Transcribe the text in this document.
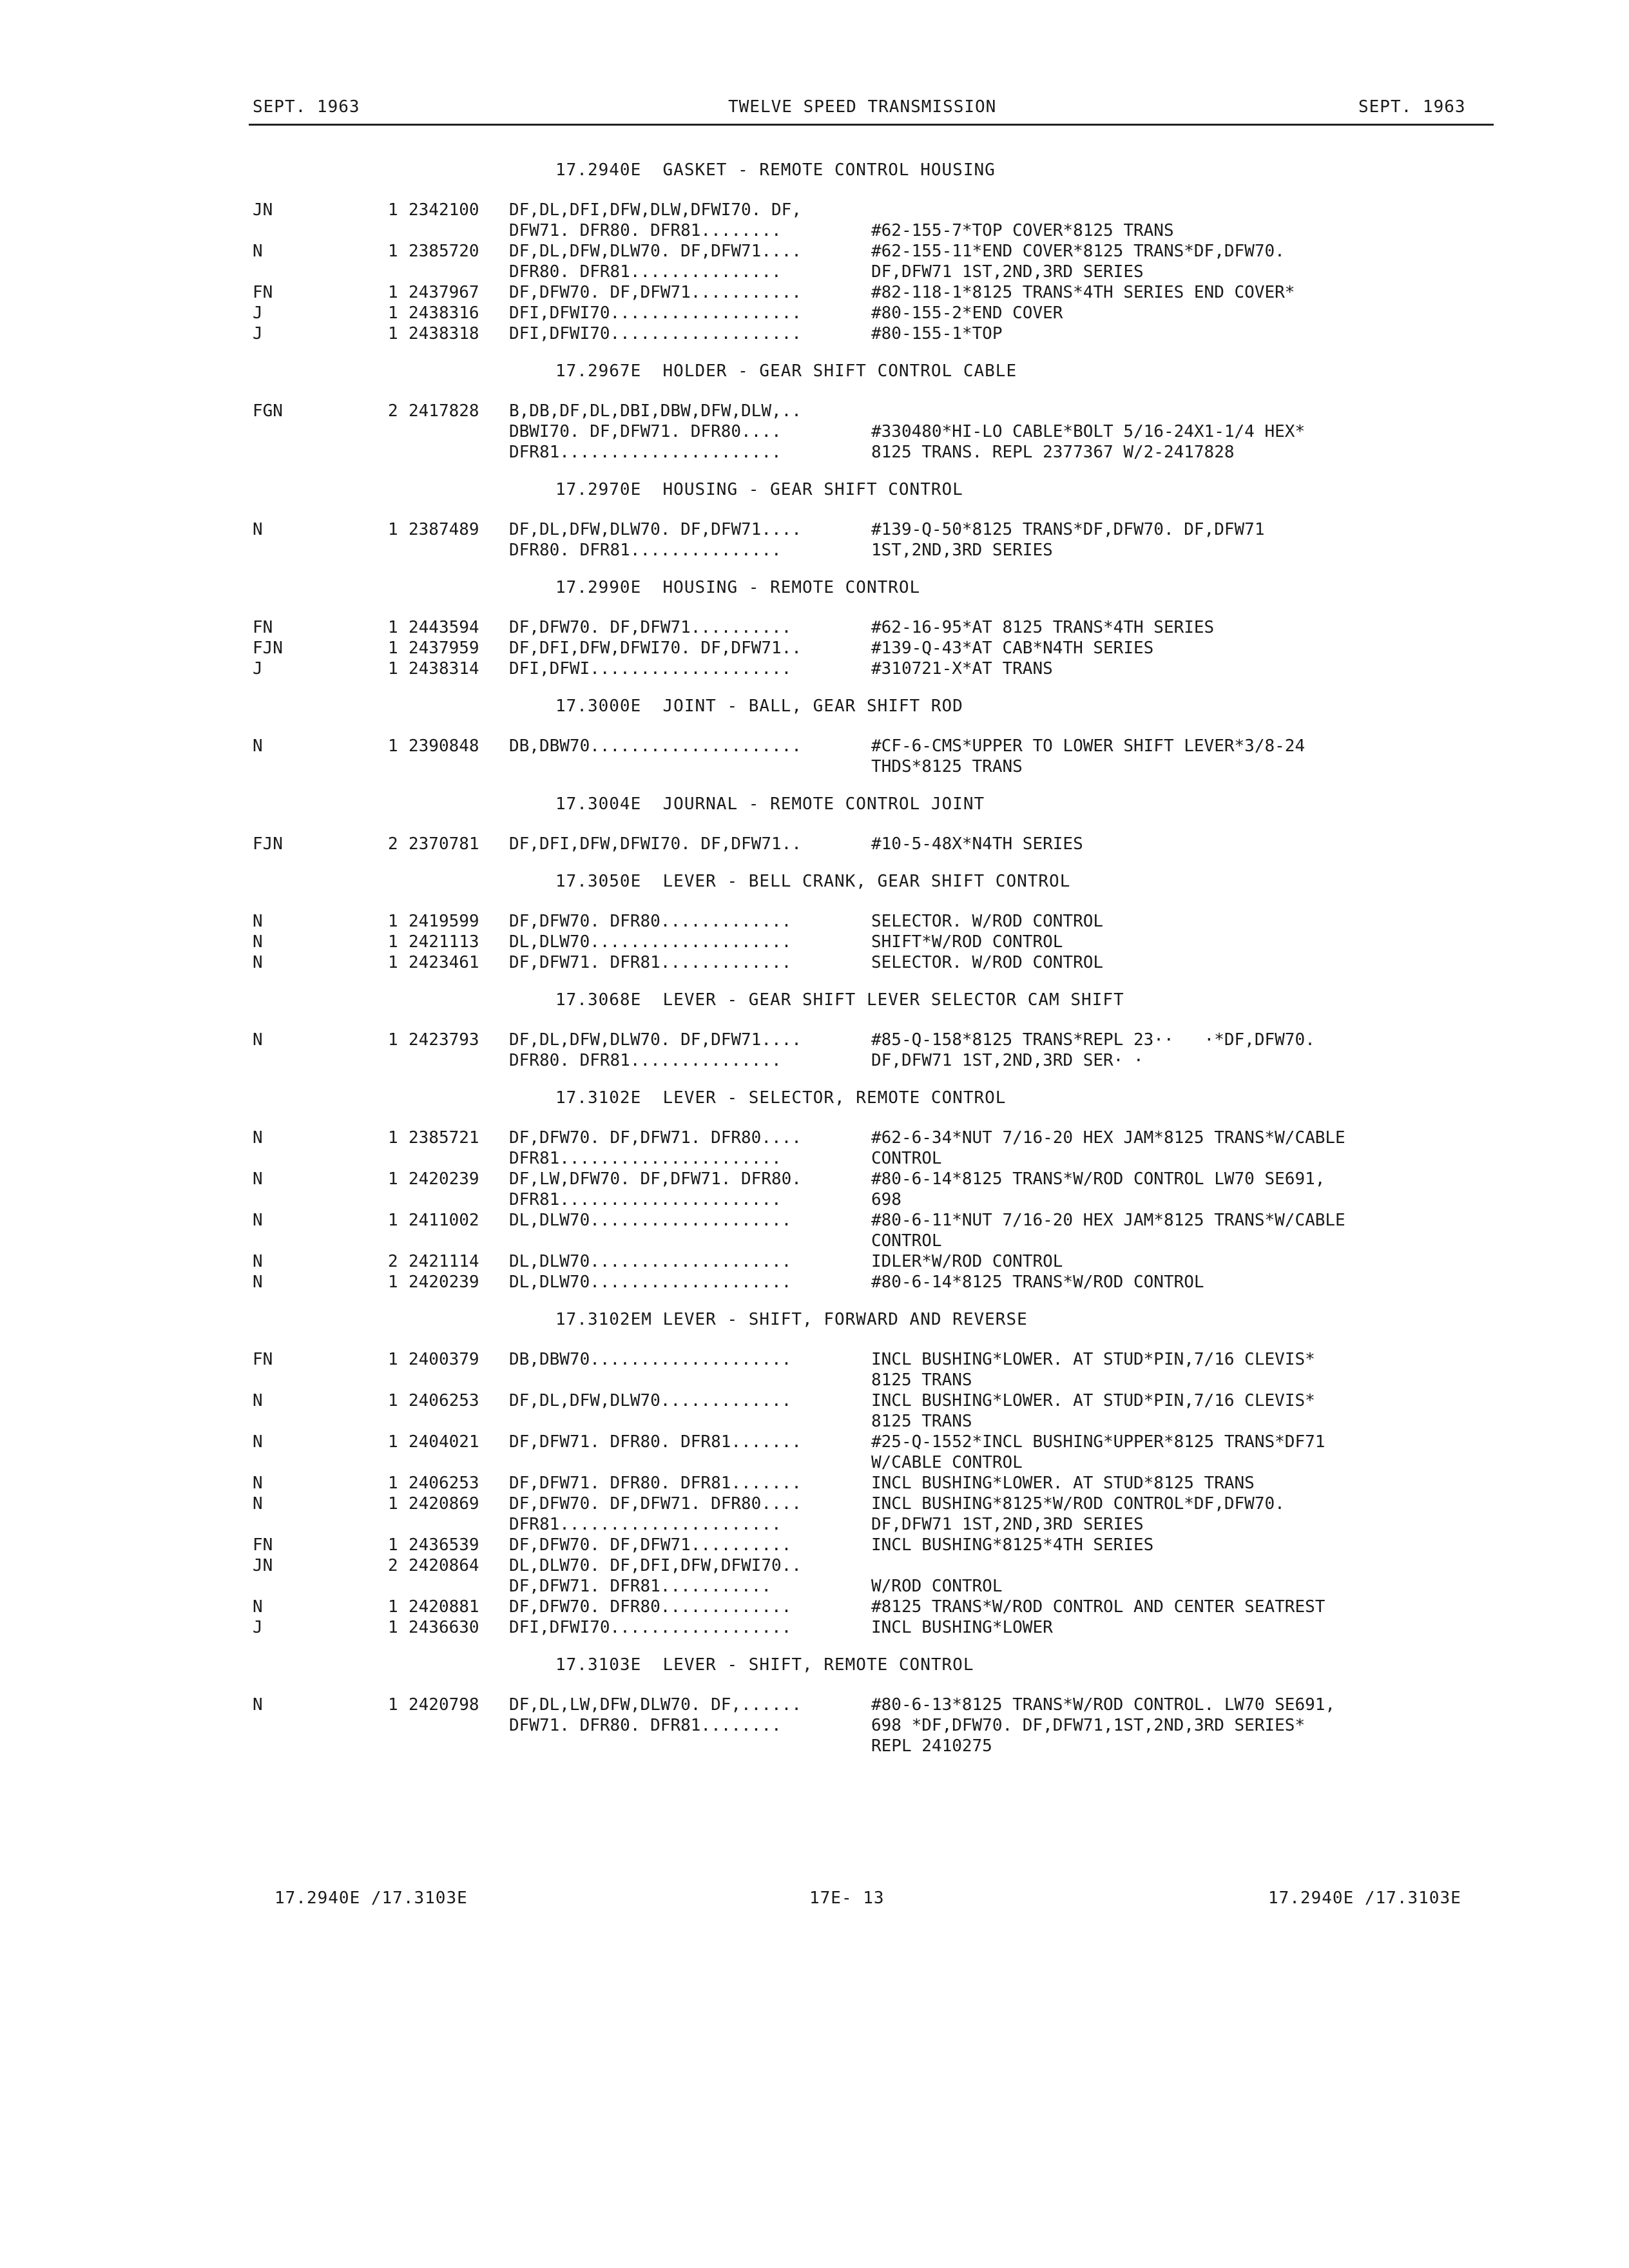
SEPT. 1963	TWELVE SPEED TRANSMISSION	SEPT. 1963
17.2940E  GASKET - REMOTE CONTROL HOUSING
JN	1 2342100	DF,DL,DFI,DFW,DLW,DFWI70. DF,
DFW71. DFR80. DFR81........	#62-155-7*TOP COVER*8125 TRANS
N	1 2385720	DF,DL,DFW,DLW70. DF,DFW71....	#62-155-11*END COVER*8125 TRANS*DF,DFW70.
DFR80. DFR81...............	DF,DFW71 1ST,2ND,3RD SERIES
FN	1 2437967	DF,DFW70. DF,DFW71...........	#82-118-1*8125 TRANS*4TH SERIES END COVER*
J	1 2438316	DFI,DFWI70...................	#80-155-2*END COVER
J	1 2438318	DFI,DFWI70...................	#80-155-1*TOP
17.2967E  HOLDER - GEAR SHIFT CONTROL CABLE
FGN	2 2417828	B,DB,DF,DL,DBI,DBW,DFW,DLW,..
DBWI70. DF,DFW71. DFR80....	#330480*HI-LO CABLE*BOLT 5/16-24X1-1/4 HEX*
DFR81......................	8125 TRANS. REPL 2377367 W/2-2417828
17.2970E  HOUSING - GEAR SHIFT CONTROL
N	1 2387489	DF,DL,DFW,DLW70. DF,DFW71....	#139-Q-50*8125 TRANS*DF,DFW70. DF,DFW71
DFR80. DFR81...............	1ST,2ND,3RD SERIES
17.2990E  HOUSING - REMOTE CONTROL
FN	1 2443594	DF,DFW70. DF,DFW71..........	#62-16-95*AT 8125 TRANS*4TH SERIES
FJN	1 2437959	DF,DFI,DFW,DFWI70. DF,DFW71..	#139-Q-43*AT CAB*N4TH SERIES
J	1 2438314	DFI,DFWI....................	#310721-X*AT TRANS
17.3000E  JOINT - BALL, GEAR SHIFT ROD
N	1 2390848	DB,DBW70.....................	#CF-6-CMS*UPPER TO LOWER SHIFT LEVER*3/8-24
THDS*8125 TRANS
17.3004E  JOURNAL - REMOTE CONTROL JOINT
FJN	2 2370781	DF,DFI,DFW,DFWI70. DF,DFW71..	#10-5-48X*N4TH SERIES
17.3050E  LEVER - BELL CRANK, GEAR SHIFT CONTROL
N	1 2419599	DF,DFW70. DFR80.............	SELECTOR. W/ROD CONTROL
N	1 2421113	DL,DLW70....................	SHIFT*W/ROD CONTROL
N	1 2423461	DF,DFW71. DFR81.............	SELECTOR. W/ROD CONTROL
17.3068E  LEVER - GEAR SHIFT LEVER SELECTOR CAM SHIFT
N	1 2423793	DF,DL,DFW,DLW70. DF,DFW71....	#85-Q-158*8125 TRANS*REPL 23··   ·*DF,DFW70.
DFR80. DFR81...............	DF,DFW71 1ST,2ND,3RD SER· ·
17.3102E  LEVER - SELECTOR, REMOTE CONTROL
N	1 2385721	DF,DFW70. DF,DFW71. DFR80....	#62-6-34*NUT 7/16-20 HEX JAM*8125 TRANS*W/CABLE
DFR81......................	CONTROL
N	1 2420239	DF,LW,DFW70. DF,DFW71. DFR80.	#80-6-14*8125 TRANS*W/ROD CONTROL LW70 SE691,
DFR81......................	698
N	1 2411002	DL,DLW70....................	#80-6-11*NUT 7/16-20 HEX JAM*8125 TRANS*W/CABLE
CONTROL
N	2 2421114	DL,DLW70....................	IDLER*W/ROD CONTROL
N	1 2420239	DL,DLW70....................	#80-6-14*8125 TRANS*W/ROD CONTROL
17.3102EM LEVER - SHIFT, FORWARD AND REVERSE
FN	1 2400379	DB,DBW70....................	INCL BUSHING*LOWER. AT STUD*PIN,7/16 CLEVIS*
8125 TRANS
N	1 2406253	DF,DL,DFW,DLW70.............	INCL BUSHING*LOWER. AT STUD*PIN,7/16 CLEVIS*
8125 TRANS
N	1 2404021	DF,DFW71. DFR80. DFR81.......	#25-Q-1552*INCL BUSHING*UPPER*8125 TRANS*DF71
W/CABLE CONTROL
N	1 2406253	DF,DFW71. DFR80. DFR81.......	INCL BUSHING*LOWER. AT STUD*8125 TRANS
N	1 2420869	DF,DFW70. DF,DFW71. DFR80....	INCL BUSHING*8125*W/ROD CONTROL*DF,DFW70.
DFR81......................	DF,DFW71 1ST,2ND,3RD SERIES
FN	1 2436539	DF,DFW70. DF,DFW71..........	INCL BUSHING*8125*4TH SERIES
JN	2 2420864	DL,DLW70. DF,DFI,DFW,DFWI70..
DF,DFW71. DFR81...........	W/ROD CONTROL
N	1 2420881	DF,DFW70. DFR80.............	#8125 TRANS*W/ROD CONTROL AND CENTER SEATREST
J	1 2436630	DFI,DFWI70..................	INCL BUSHING*LOWER
17.3103E  LEVER - SHIFT, REMOTE CONTROL
N	1 2420798	DF,DL,LW,DFW,DLW70. DF,......	#80-6-13*8125 TRANS*W/ROD CONTROL. LW70 SE691,
DFW71. DFR80. DFR81........	698 *DF,DFW70. DF,DFW71,1ST,2ND,3RD SERIES*
REPL 2410275
17.2940E /17.3103E	17E- 13	17.2940E /17.3103E
